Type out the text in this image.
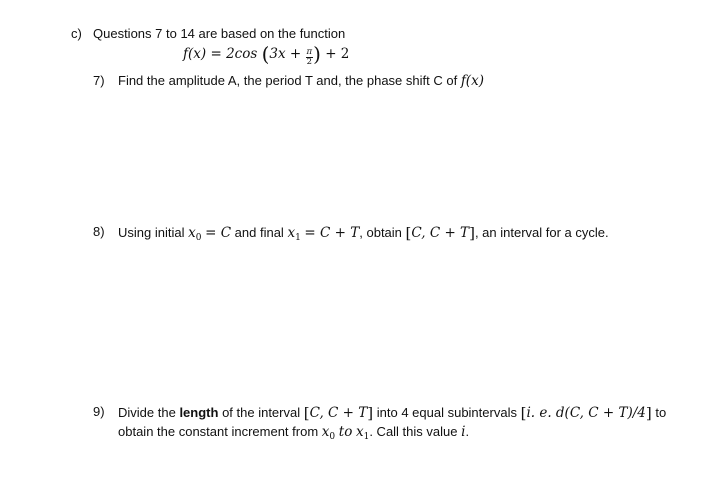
c) Questions 7 to 14 are based on the function
f(x) = 2cos ($3x + \frac{\pi}{2}$ ) + 2
7) Find the amplitude A, the period T and, the phase shift C of f(x)
8) Using initial $x_0 = C$ and final $x_1 = C + T$, obtain [C, C + T], an interval for a cycle.
9) Divide the length of the interval [C, C + T] into 4 equal subintervals [i. e. d(C, C + T)/4] to
obtain the constant increment from $x_0$ to $x_1$. Call this value i.
